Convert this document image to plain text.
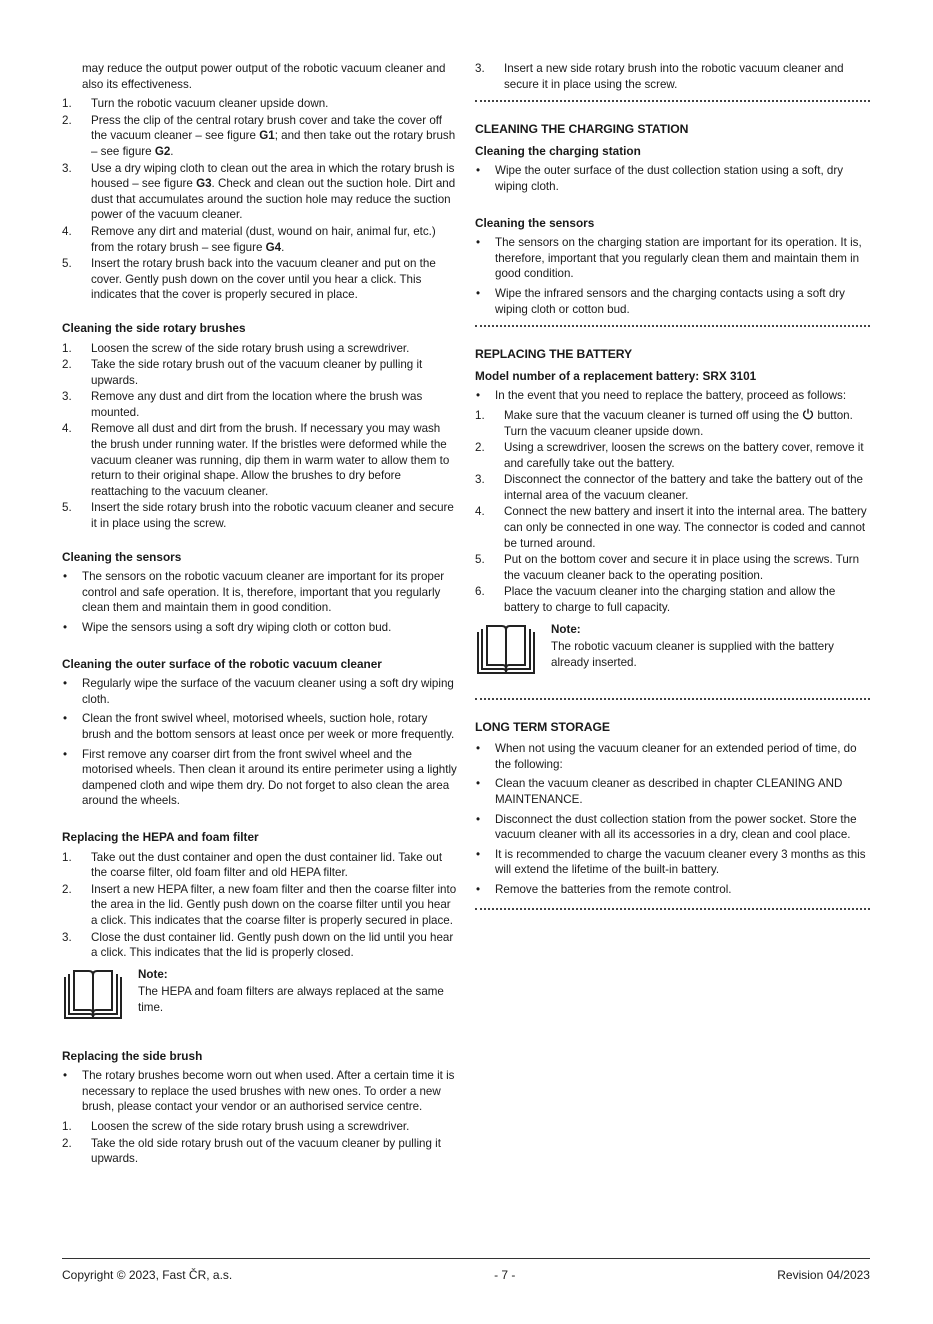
may reduce the output power output of the robotic vacuum cleaner and also its effectiveness.
1. Turn the robotic vacuum cleaner upside down.
2. Press the clip of the central rotary brush cover and take the cover off the vacuum cleaner – see figure G1; and then take out the rotary brush – see figure G2.
3. Use a dry wiping cloth to clean out the area in which the rotary brush is housed – see figure G3. Check and clean out the suction hole. Dirt and dust that accumulates around the suction hole may reduce the suction power of the vacuum cleaner.
4. Remove any dirt and material (dust, wound on hair, animal fur, etc.) from the rotary brush – see figure G4.
5. Insert the rotary brush back into the vacuum cleaner and put on the cover. Gently push down on the cover until you hear a click. This indicates that the cover is properly secured in place.
Cleaning the side rotary brushes
1. Loosen the screw of the side rotary brush using a screwdriver.
2. Take the side rotary brush out of the vacuum cleaner by pulling it upwards.
3. Remove any dust and dirt from the location where the brush was mounted.
4. Remove all dust and dirt from the brush. If necessary you may wash the brush under running water. If the bristles were deformed while the vacuum cleaner was running, dip them in warm water to allow them to return to their original shape. Allow the brushes to dry before reattaching to the vacuum cleaner.
5. Insert the side rotary brush into the robotic vacuum cleaner and secure it in place using the screw.
Cleaning the sensors
• The sensors on the robotic vacuum cleaner are important for its proper control and safe operation. It is, therefore, important that you regularly clean them and maintain them in good condition.
• Wipe the sensors using a soft dry wiping cloth or cotton bud.
Cleaning the outer surface of the robotic vacuum cleaner
• Regularly wipe the surface of the vacuum cleaner using a soft dry wiping cloth.
• Clean the front swivel wheel, motorised wheels, suction hole, rotary brush and the bottom sensors at least once per week or more frequently.
• First remove any coarser dirt from the front swivel wheel and the motorised wheels. Then clean it around its entire perimeter using a lightly dampened cloth and wipe them dry. Do not forget to also clean the area around the wheels.
Replacing the HEPA and foam filter
1. Take out the dust container and open the dust container lid. Take out the coarse filter, old foam filter and old HEPA filter.
2. Insert a new HEPA filter, a new foam filter and then the coarse filter into the area in the lid. Gently push down on the coarse filter until you hear a click. This indicates that the coarse filter is properly secured in place.
3. Close the dust container lid. Gently push down on the lid until you hear a click. This indicates that the lid is properly closed.
Note:
The HEPA and foam filters are always replaced at the same time.
Replacing the side brush
• The rotary brushes become worn out when used. After a certain time it is necessary to replace the used brushes with new ones. To order a new brush, please contact your vendor or an authorised service centre.
1. Loosen the screw of the side rotary brush using a screwdriver.
2. Take the old side rotary brush out of the vacuum cleaner by pulling it upwards.
3. Insert a new side rotary brush into the robotic vacuum cleaner and secure it in place using the screw.
CLEANING THE CHARGING STATION
Cleaning the charging station
• Wipe the outer surface of the dust collection station using a soft, dry wiping cloth.
Cleaning the sensors
• The sensors on the charging station are important for its operation. It is, therefore, important that you regularly clean them and maintain them in good condition.
• Wipe the infrared sensors and the charging contacts using a soft dry wiping cloth or cotton bud.
REPLACING THE BATTERY
Model number of a replacement battery: SRX 3101
• In the event that you need to replace the battery, proceed as follows:
1. Make sure that the vacuum cleaner is turned off using the  button. Turn the vacuum cleaner upside down.
2. Using a screwdriver, loosen the screws on the battery cover, remove it and carefully take out the battery.
3. Disconnect the connector of the battery and take the battery out of the internal area of the vacuum cleaner.
4. Connect the new battery and insert it into the internal area. The battery can only be connected in one way. The connector is coded and cannot be turned around.
5. Put on the bottom cover and secure it in place using the screws. Turn the vacuum cleaner back to the operating position.
6. Place the vacuum cleaner into the charging station and allow the battery to charge to full capacity.
Note:
The robotic vacuum cleaner is supplied with the battery already inserted.
LONG TERM STORAGE
• When not using the vacuum cleaner for an extended period of time, do the following:
• Clean the vacuum cleaner as described in chapter CLEANING AND MAINTENANCE.
• Disconnect the dust collection station from the power socket. Store the vacuum cleaner with all its accessories in a dry, clean and cool place.
• It is recommended to charge the vacuum cleaner every 3 months as this will extend the lifetime of the built-in battery.
• Remove the batteries from the remote control.
Copyright © 2023, Fast ČR, a.s.	- 7 -	Revision 04/2023
